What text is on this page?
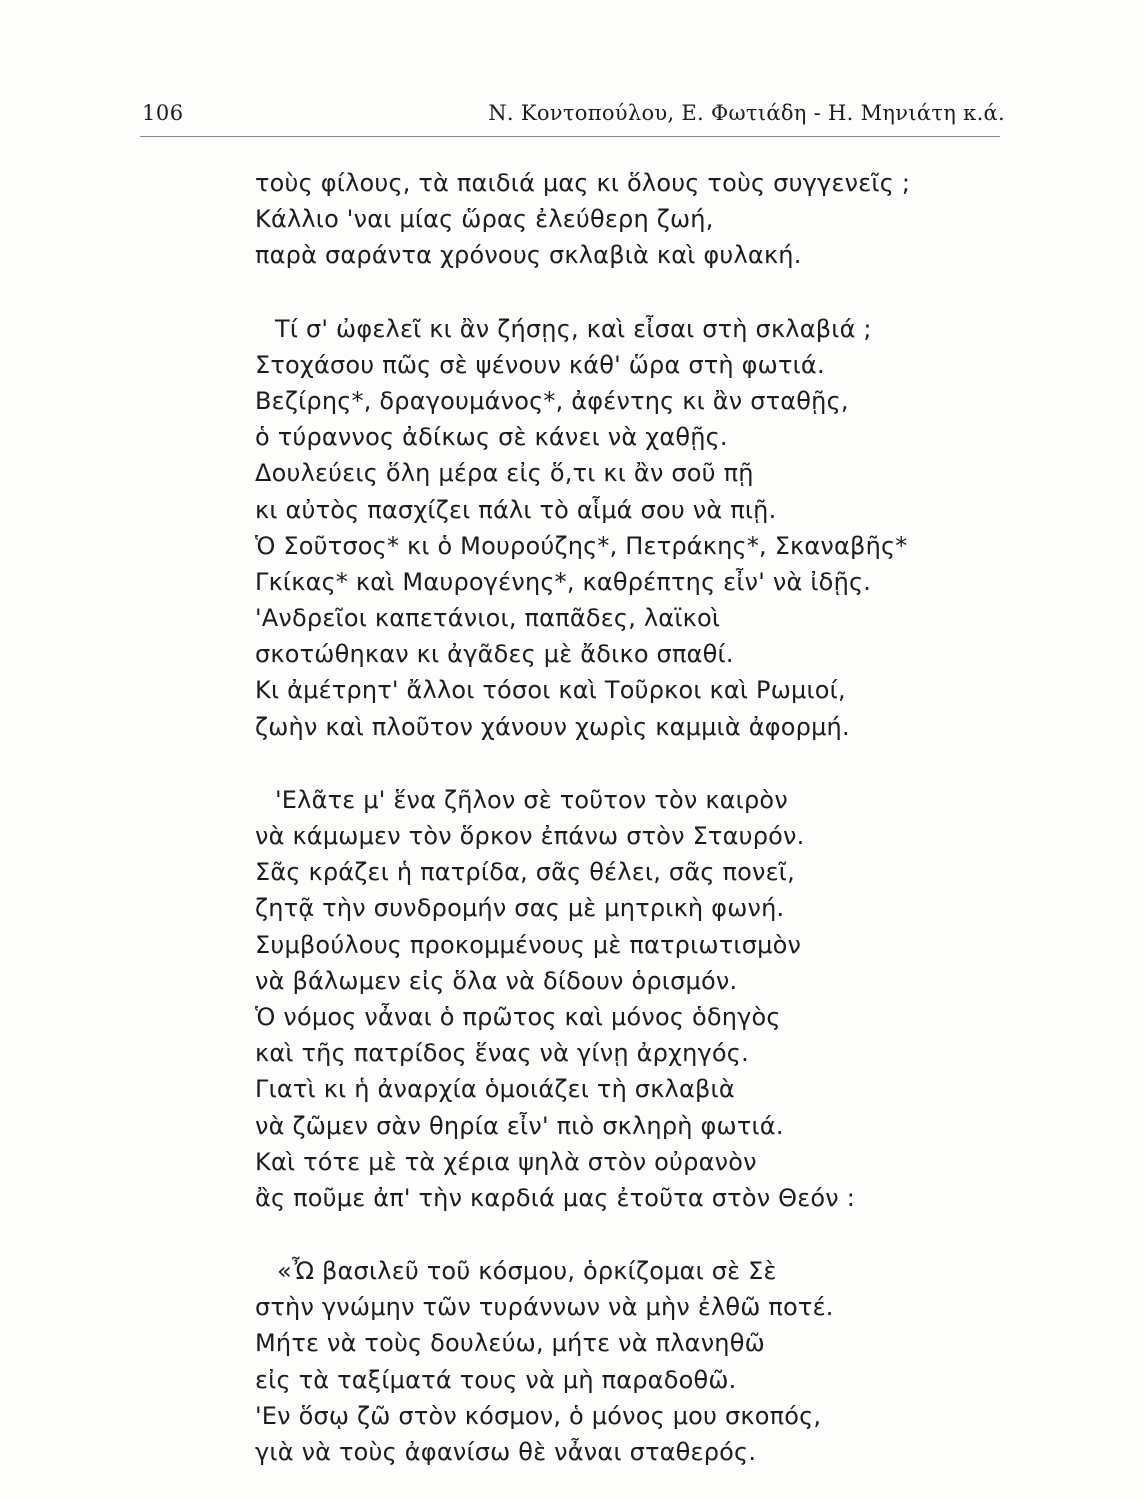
106	Ν. Κοντοπούλου, Ε. Φωτιάδη - Η. Μηνιάτη κ.ά.
τοὺς φίλους, τὰ παιδιά μας κι ὅλους τοὺς συγγενεῖς ;
Κάλλιο 'ναι μίας ὥρας ἐλεύθερη ζωή,
παρὰ σαράντα χρόνους σκλαβιὰ καὶ φυλακή.
Τί σ' ὠφελεῖ κι ἂν ζήσῃς, καὶ εἶσαι στὴ σκλαβιά ;
Στοχάσου πῶς σὲ ψένουν κάθ' ὥρα στὴ φωτιά.
Βεζίρης*, δραγουμάνος*, ἀφέντης κι ἂν σταθῇς,
ὁ τύραννος ἀδίκως σὲ κάνει νὰ χαθῇς.
Δουλεύεις ὅλη μέρα εἰς ὅ,τι κι ἂν σοῦ πῇ
κι αὐτὸς πασχίζει πάλι τὸ αἷμά σου νὰ πιῇ.
Ὁ Σοῦτσος* κι ὁ Μουρούζης*, Πετράκης*, Σκαναβῆς*
Γκίκας* καὶ Μαυρογένης*, καθρέπτης εἶν' νὰ ἰδῇς.
'Ανδρεῖοι καπετάνιοι, παπᾶδες, λαϊκοὶ
σκοτώθηκαν κι ἀγᾶδες μὲ ἄδικο σπαθί.
Κι ἀμέτρητ' ἄλλοι τόσοι καὶ Τοῦρκοι καὶ Ρωμιοί,
ζωὴν καὶ πλοῦτον χάνουν χωρὶς καμμιὰ ἀφορμή.
'Ελᾶτε μ' ἕνα ζῆλον σὲ τοῦτον τὸν καιρὸν
νὰ κάμωμεν τὸν ὅρκον ἐπάνω στὸν Σταυρόν.
Σᾶς κράζει ἡ πατρίδα, σᾶς θέλει, σᾶς πονεῖ,
ζητᾷ τὴν συνδρομήν σας μὲ μητρικὴ φωνή.
Συμβούλους προκομμένους μὲ πατριωτισμὸν
νὰ βάλωμεν εἰς ὅλα νὰ δίδουν ὁρισμόν.
Ὁ νόμος νἆναι ὁ πρῶτος καὶ μόνος ὁδηγὸς
καὶ τῆς πατρίδος ἕνας νὰ γίνῃ ἀρχηγός.
Γιατὶ κι ἡ ἀναρχία ὁμοιάζει τὴ σκλαβιὰ
νὰ ζῶμεν σὰν θηρία εἶν' πιὸ σκληρὴ φωτιά.
Καὶ τότε μὲ τὰ χέρια ψηλὰ στὸν οὐρανὸν
ἂς ποῦμε ἀπ' τὴν καρδιά μας ἐτοῦτα στὸν Θεόν :
«Ὦ βασιλεῦ τοῦ κόσμου, ὁρκίζομαι σὲ Σὲ
στὴν γνώμην τῶν τυράννων νὰ μὴν ἐλθῶ ποτέ.
Μήτε νὰ τοὺς δουλεύω, μήτε νὰ πλανηθῶ
εἰς τὰ ταξίματά τους νὰ μὴ παραδοθῶ.
'Εν ὅσῳ ζῶ στὸν κόσμον, ὁ μόνος μου σκοπός,
γιὰ νὰ τοὺς ἀφανίσω θὲ νἆναι σταθερός.
